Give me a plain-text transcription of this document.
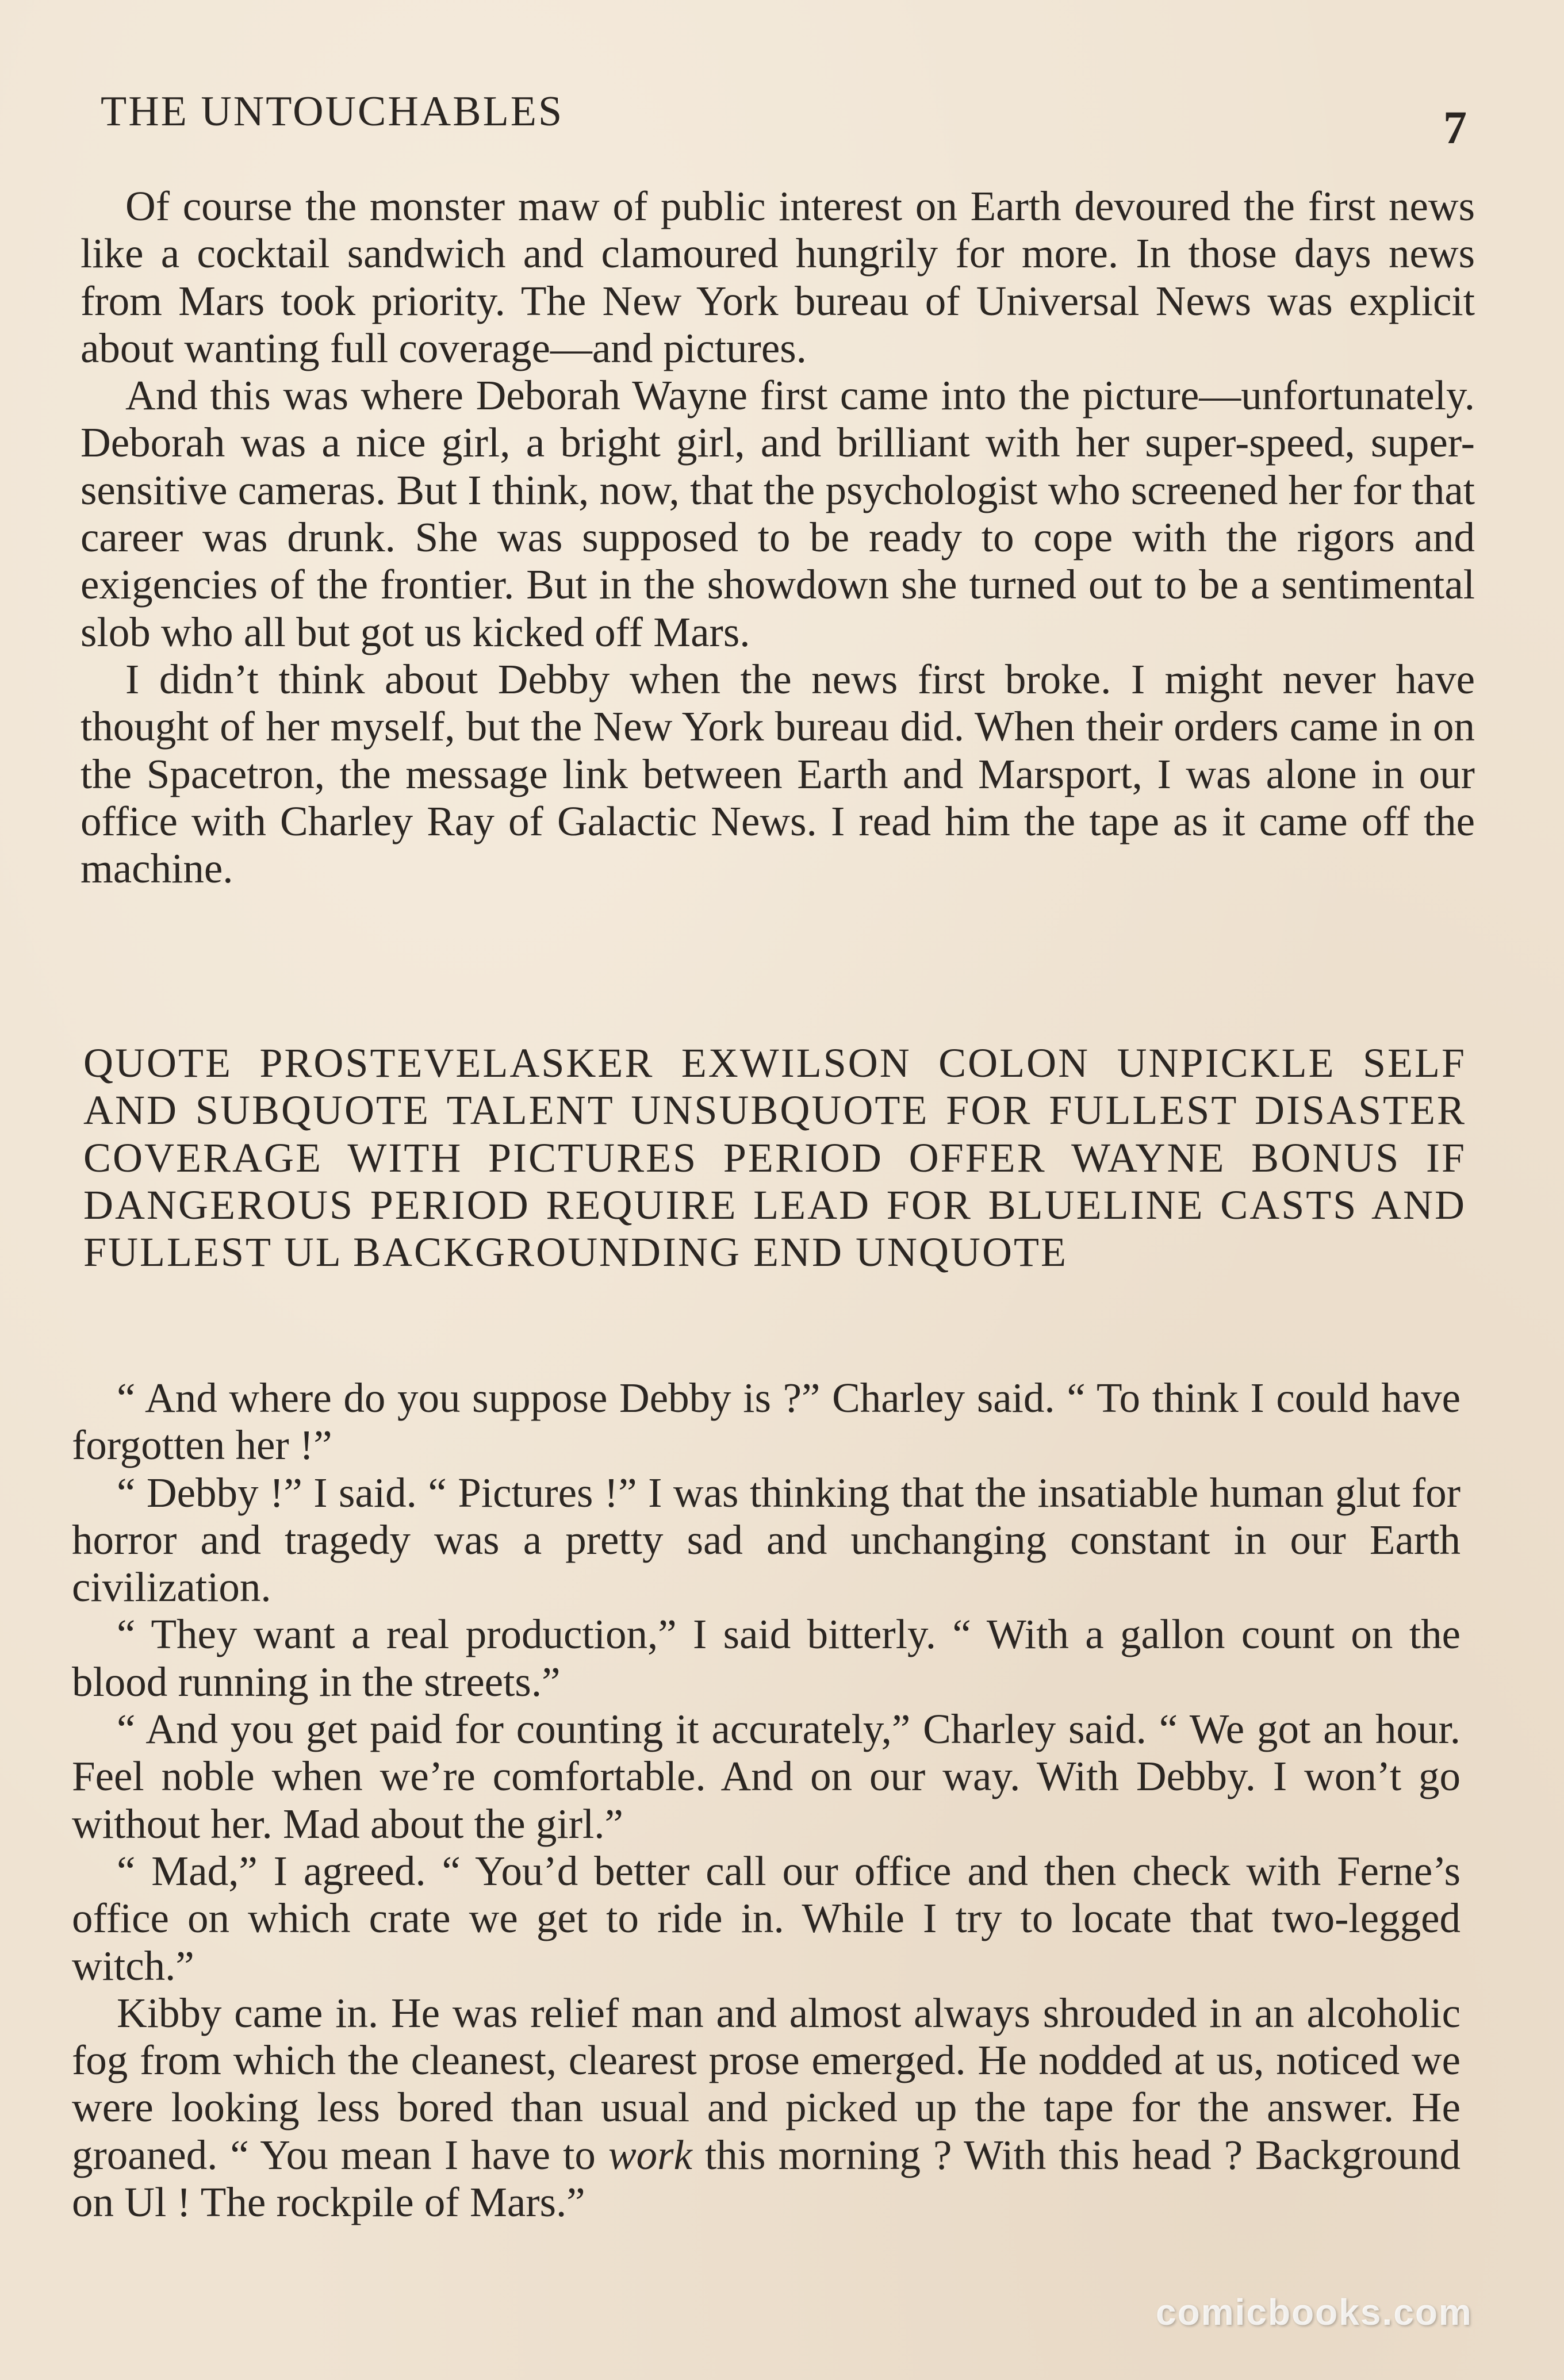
THE UNTOUCHABLES	7

Of course the monster maw of public interest on Earth devoured the first news like a cocktail sandwich and clamoured hungrily for more. In those days news from Mars took priority. The New York bureau of Universal News was explicit about wanting full coverage—and pictures.

And this was where Deborah Wayne first came into the picture—unfortunately. Deborah was a nice girl, a bright girl, and brilliant with her super-speed, super-sensitive cameras. But I think, now, that the psychologist who screened her for that career was drunk. She was supposed to be ready to cope with the rigors and exigencies of the frontier. But in the showdown she turned out to be a sentimental slob who all but got us kicked off Mars.

I didn’t think about Debby when the news first broke. I might never have thought of her myself, but the New York bureau did. When their orders came in on the Spacetron, the message link between Earth and Marsport, I was alone in our office with Charley Ray of Galactic News. I read him the tape as it came off the machine.

QUOTE PROSTEVELASKER EXWILSON COLON UNPICKLE SELF AND SUBQUOTE TALENT UNSUBQUOTE FOR FULLEST DISASTER COVERAGE WITH PICTURES PERIOD OFFER WAYNE BONUS IF DANGEROUS PERIOD REQUIRE LEAD FOR BLUELINE CASTS AND FULLEST UL BACKGROUNDING END UNQUOTE

“ And where do you suppose Debby is ?” Charley said. “ To think I could have forgotten her !”

“ Debby !” I said. “ Pictures !” I was thinking that the insatiable human glut for horror and tragedy was a pretty sad and unchanging constant in our Earth civilization.

“ They want a real production,” I said bitterly. “ With a gallon count on the blood running in the streets.”

“ And you get paid for counting it accurately,” Charley said. “ We got an hour. Feel noble when we’re comfortable. And on our way. With Debby. I won’t go without her. Mad about the girl.”

“ Mad,” I agreed. “ You’d better call our office and then check with Ferne’s office on which crate we get to ride in. While I try to locate that two-legged witch.”

Kibby came in. He was relief man and almost always shrouded in an alcoholic fog from which the cleanest, clearest prose emerged. He nodded at us, noticed we were looking less bored than usual and picked up the tape for the answer. He groaned. “ You mean I have to work this morning ? With this head ? Background on Ul ! The rockpile of Mars.”

comicbooks.com
